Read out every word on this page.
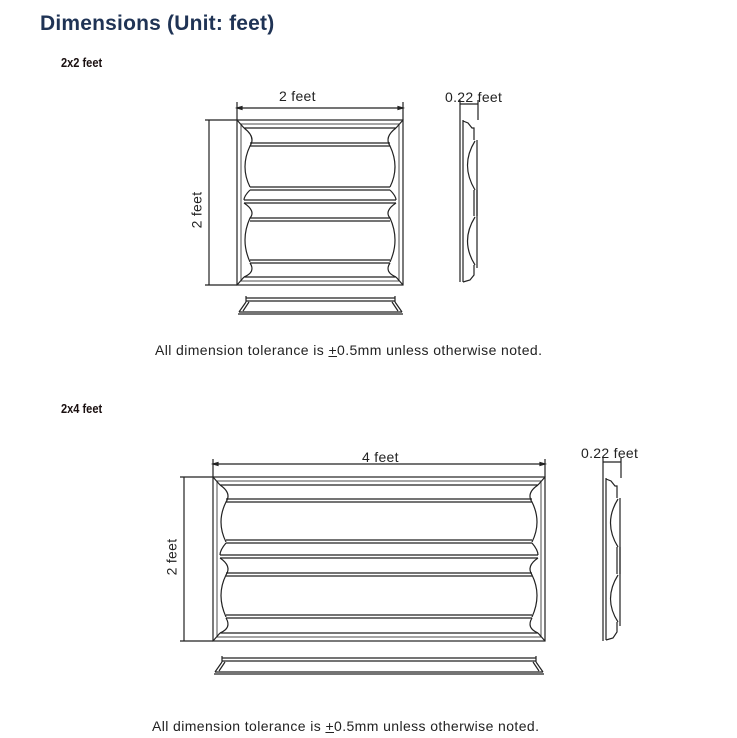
Dimensions (Unit: feet)
2x2 feet
2 feet
2 feet
0.22 feet
All dimension tolerance is +0.5mm unless otherwise noted.
2x4 feet
4 feet
2 feet
0.22 feet
All dimension tolerance is +0.5mm unless otherwise noted.
